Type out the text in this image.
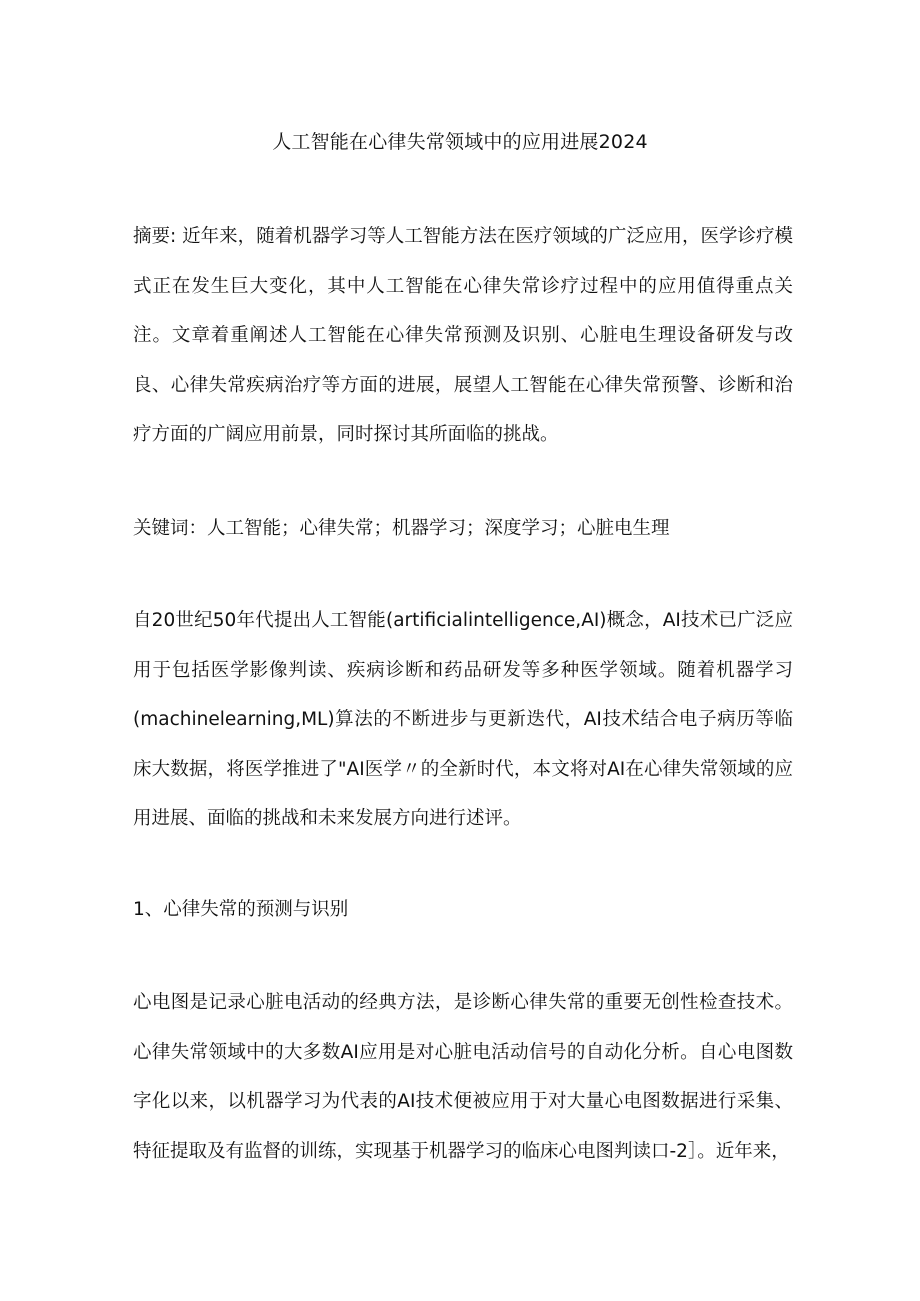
人工智能在心律失常领域中的应用进展2024
摘要: 近年来，随着机器学习等人工智能方法在医疗领域的广泛应用，医学诊疗模式正在发生巨大变化，其中人工智能在心律失常诊疗过程中的应用值得重点关注。文章着重阐述人工智能在心律失常预测及识别、心脏电生理设备研发与改良、心律失常疾病治疗等方面的进展，展望人工智能在心律失常预警、诊断和治疗方面的广阔应用前景，同时探讨其所面临的挑战。
关键词：人工智能；心律失常；机器学习；深度学习；心脏电生理
自20世纪50年代提出人工智能(artificialintelligence,AI)概念，AI技术已广泛应用于包括医学影像判读、疾病诊断和药品研发等多种医学领域。随着机器学习(machinelearning,ML)算法的不断进步与更新迭代，AI技术结合电子病历等临床大数据，将医学推进了"AI医学〃的全新时代，本文将对AI在心律失常领域的应用进展、面临的挑战和未来发展方向进行述评。
1、心律失常的预测与识别
心电图是记录心脏电活动的经典方法，是诊断心律失常的重要无创性检查技术。心律失常领域中的大多数AI应用是对心脏电活动信号的自动化分析。自心电图数字化以来，以机器学习为代表的AI技术便被应用于对大量心电图数据进行采集、特征提取及有监督的训练，实现基于机器学习的临床心电图判读口-2］。近年来，
